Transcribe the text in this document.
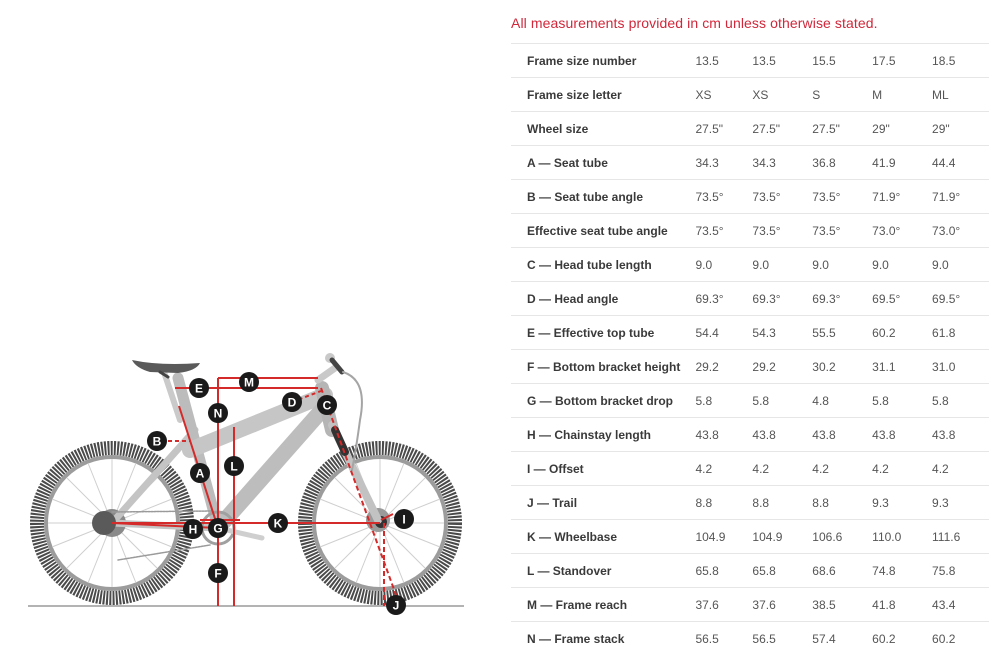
A
B
C
D
E
F
G
H
I
J
K
L
M
N
All measurements provided in cm unless otherwise stated.
Frame size number	13.5	13.5	15.5	17.5	18.5
Frame size letter	XS	XS	S	M	ML
Wheel size	27.5"	27.5"	27.5"	29"	29"
A — Seat tube	34.3	34.3	36.8	41.9	44.4
B — Seat tube angle	73.5°	73.5°	73.5°	71.9°	71.9°
Effective seat tube angle	73.5°	73.5°	73.5°	73.0°	73.0°
C — Head tube length	9.0	9.0	9.0	9.0	9.0
D — Head angle	69.3°	69.3°	69.3°	69.5°	69.5°
E — Effective top tube	54.4	54.3	55.5	60.2	61.8
F — Bottom bracket height	29.2	29.2	30.2	31.1	31.0
G — Bottom bracket drop	5.8	5.8	4.8	5.8	5.8
H — Chainstay length	43.8	43.8	43.8	43.8	43.8
I — Offset	4.2	4.2	4.2	4.2	4.2
J — Trail	8.8	8.8	8.8	9.3	9.3
K — Wheelbase	104.9	104.9	106.6	110.0	111.6
L — Standover	65.8	65.8	68.6	74.8	75.8
M — Frame reach	37.6	37.6	38.5	41.8	43.4
N — Frame stack	56.5	56.5	57.4	60.2	60.2
